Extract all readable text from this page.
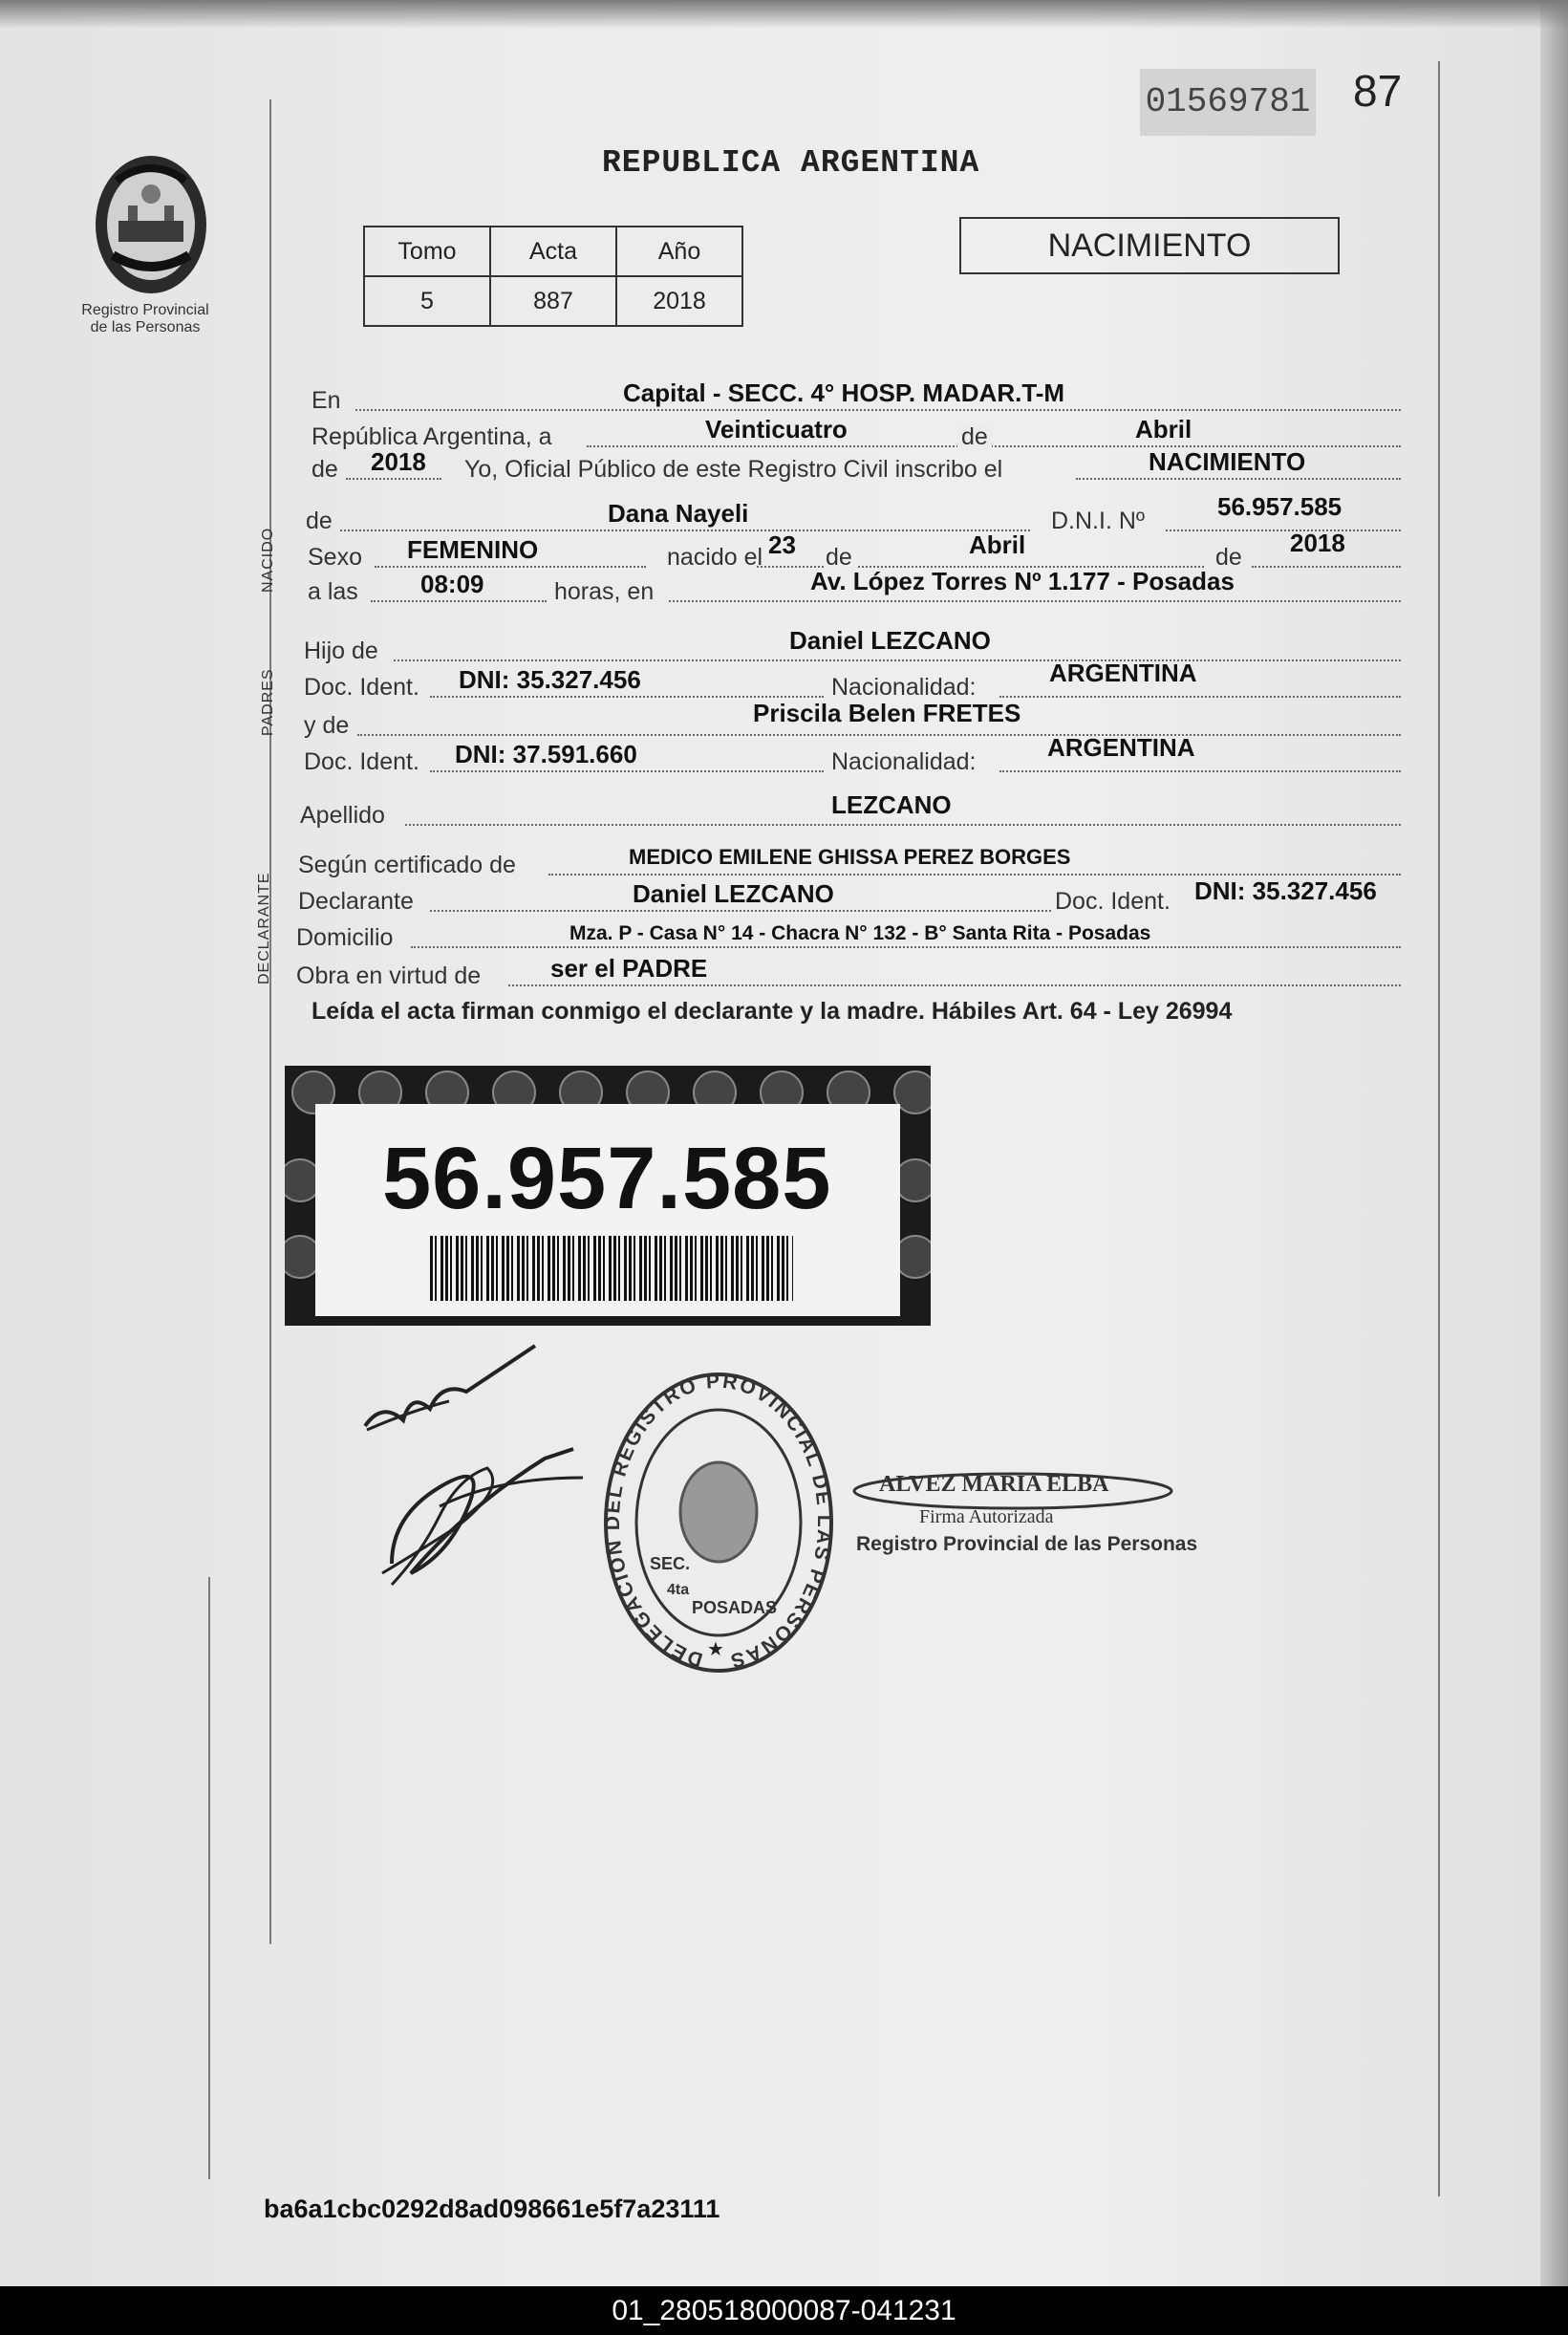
Registro Provincial
de las Personas
01569781 87
REPUBLICA ARGENTINA
Tomo	Acta	Año
5	887	2018
NACIMIENTO
En	Capital - SECC. 4° HOSP. MADAR.T-M
República Argentina, a	Veinticuatro	de	Abril
de 2018 Yo, Oficial Público de este Registro Civil inscribo el	NACIMIENTO
NACIDO
de	Dana Nayeli	D.N.I. Nº	56.957.585
Sexo FEMENINO	nacido el 23 de	Abril	de 2018
a las	08:09	horas, en	Av. López Torres Nº 1.177 - Posadas
PADRES
Hijo de	Daniel LEZCANO
Doc. Ident. DNI: 35.327.456	Nacionalidad:	ARGENTINA
y de	Priscila Belen FRETES
Doc. Ident. DNI: 37.591.660	Nacionalidad:	ARGENTINA
Apellido	LEZCANO
DECLARANTE
Según certificado de	MEDICO EMILENE GHISSA PEREZ BORGES
Declarante	Daniel LEZCANO	Doc. Ident. DNI: 35.327.456
Domicilio	Mza. P - Casa N° 14 - Chacra N° 132 - B° Santa Rita - Posadas
Obra en virtud de	ser el PADRE
Leída el acta firman conmigo el declarante y la madre. Hábiles Art. 64 - Ley 26994
56.957.585
DELEGACION DEL REGISTRO PROVINCIAL DE LAS PERSONAS
SEC.
4ta
POSADAS
★
ALVEZ MARIA ELBA
Firma Autorizada
Registro Provincial de las Personas
ba6a1cbc0292d8ad098661e5f7a23111
01_280518000087-041231
